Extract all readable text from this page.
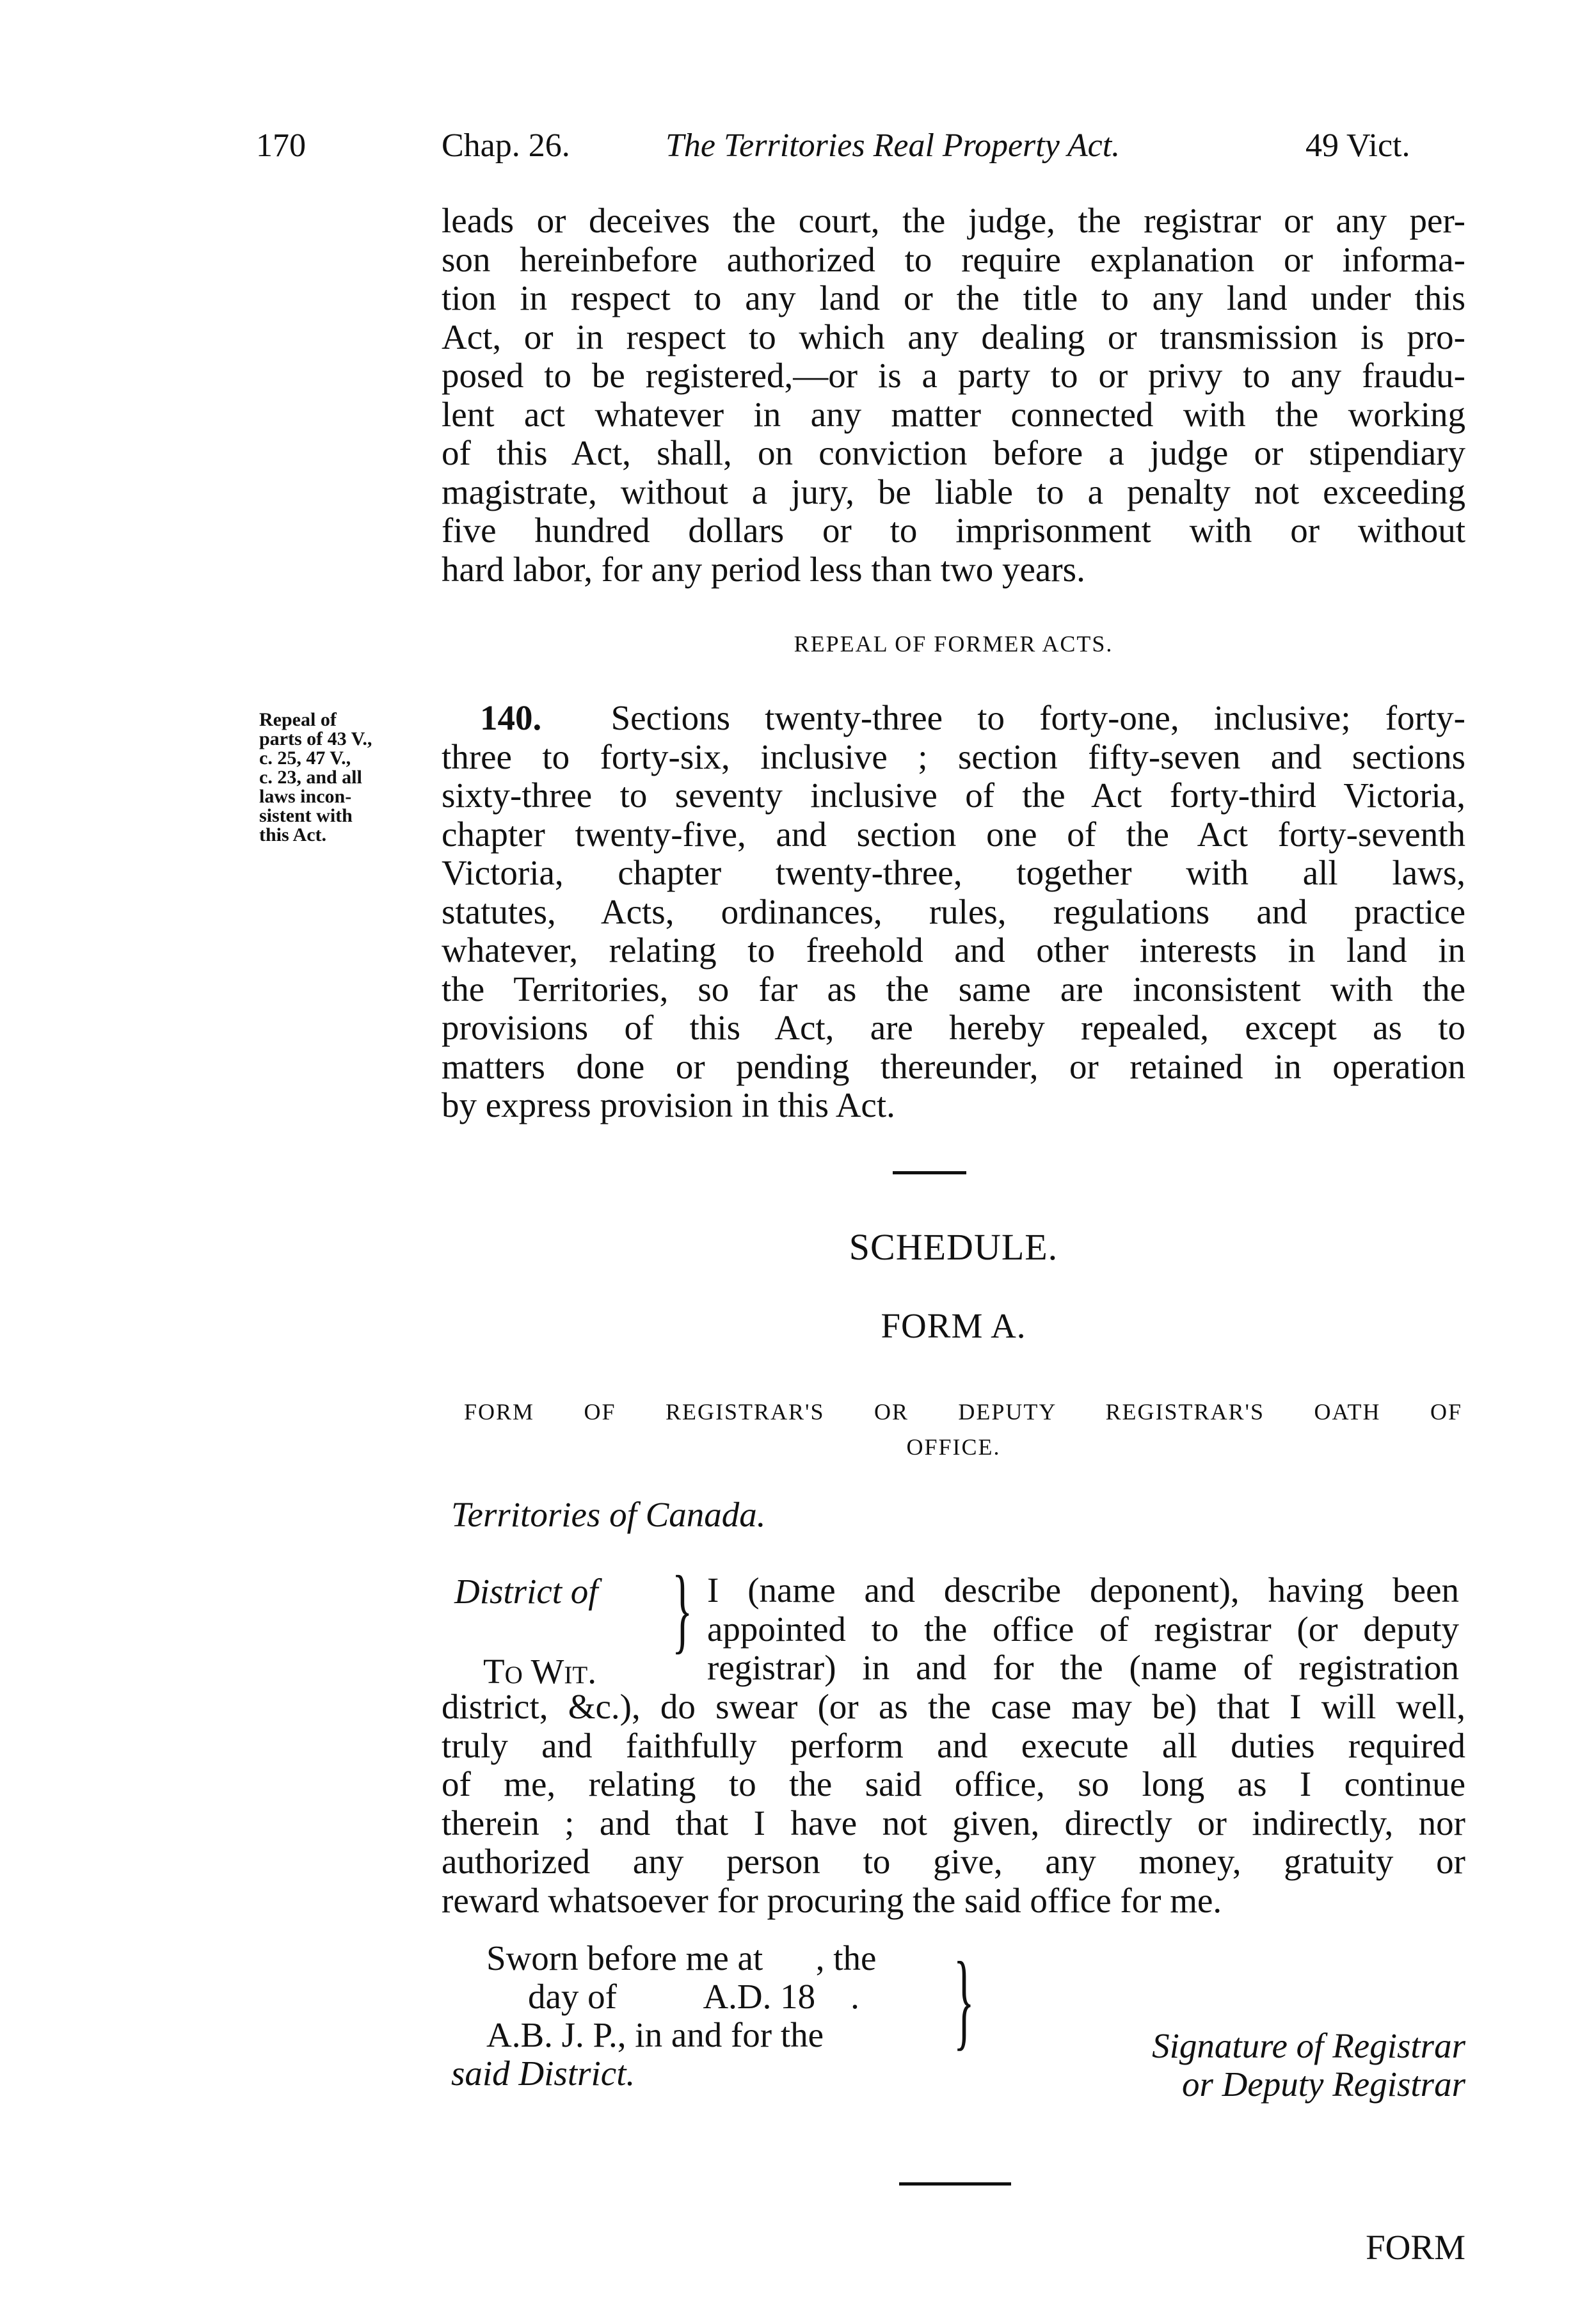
170	Chap. 26.	The Territories Real Property Act.	49 Vict.
leads or deceives the court, the judge, the registrar or any per-
son hereinbefore authorized to require explanation or informa-
tion in respect to any land or the title to any land under this
Act, or in respect to which any dealing or transmission is pro-
posed to be registered,—or is a party to or privy to any fraudu-
lent act whatever in any matter connected with the working
of this Act, shall, on conviction before a judge or stipendiary
magistrate, without a jury, be liable to a penalty not exceeding
five hundred dollars or to imprisonment with or without
hard labor, for any period less than two years.
REPEAL OF FORMER ACTS.
Repeal of
parts of 43 V.,
c. 25, 47 V.,
c. 23, and all
laws incon-
sistent with
this Act.
140. Sections twenty-three to forty-one, inclusive; forty-
three to forty-six, inclusive ; section fifty-seven and sections
sixty-three to seventy inclusive of the Act forty-third Victoria,
chapter twenty-five, and section one of the Act forty-seventh
Victoria, chapter twenty-three, together with all laws,
statutes, Acts, ordinances, rules, regulations and practice
whatever, relating to freehold and other interests in land in
the Territories, so far as the same are inconsistent with the
provisions of this Act, are hereby repealed, except as to
matters done or pending thereunder, or retained in operation
by express provision in this Act.
SCHEDULE.
FORM A.
FORM OF REGISTRAR'S OR DEPUTY REGISTRAR'S OATH OF
OFFICE.
Territories of Canada.
District of
To Wit.
} I (name and describe deponent), having been
appointed to the office of registrar (or deputy
registrar) in and for the (name of registration
district, &c.), do swear (or as the case may be) that I will well,
truly and faithfully perform and execute all duties required
of me, relating to the said office, so long as I continue
therein ; and that I have not given, directly or indirectly, nor
authorized any person to give, any money, gratuity or
reward whatsoever for procuring the said office for me.
Sworn before me at      , the
day of          A.D. 18    .
A.B. J. P., in and for the
said District.
}	Signature of Registrar
or Deputy Registrar
FORM
